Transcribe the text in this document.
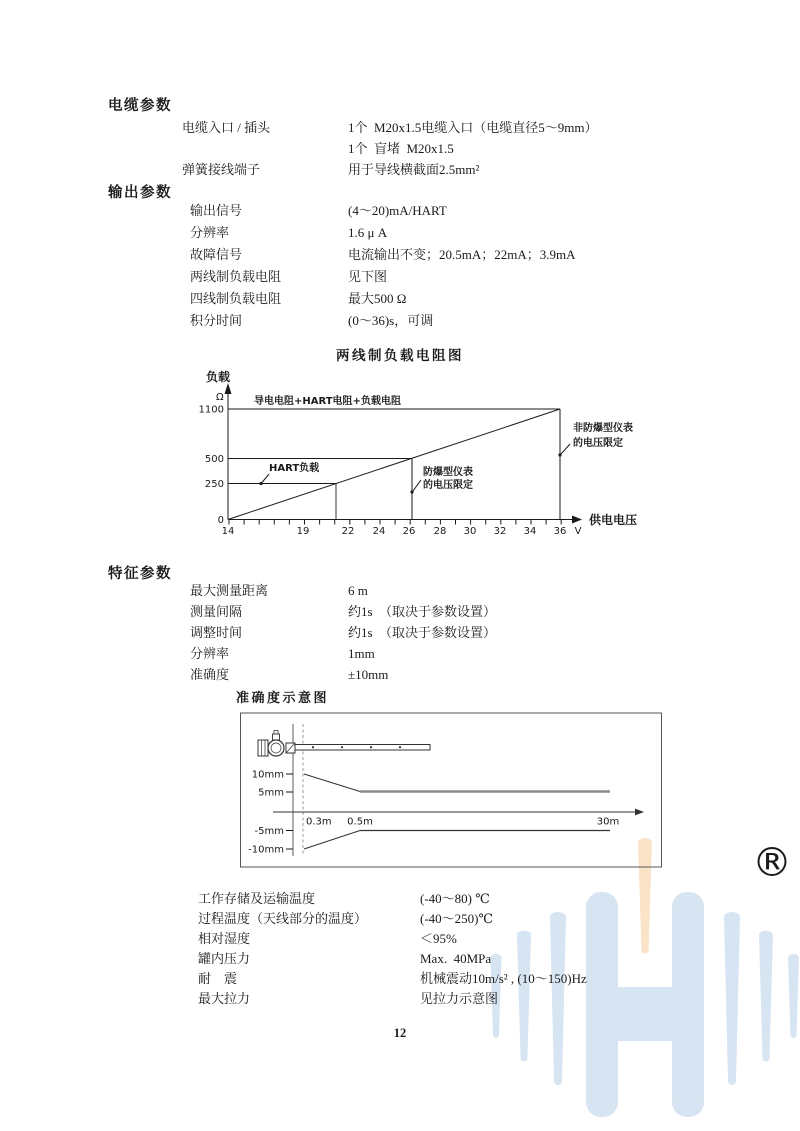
®
电缆参数
电缆入口 / 插头	1个  M20x1.5电缆入口（电缆直径5～9mm）
1个  盲堵  M20x1.5
弹簧接线端子	用于导线横截面2.5mm²
输出参数
输出信号	(4～20)mA/HART
分辨率	1.6 μ A
故障信号	电流输出不变；20.5mA；22mA；3.9mA
两线制负载电阻	见下图
四线制负载电阻	最大500 Ω
积分时间	(0～36)s，可调
两线制负载电阻图
1100
500
250
0
14	19	22 24 26 28 30 32 34 36 V
负载
Ω
供电电压
导电电阻+HART电阻+负载电阻
HART负载	防爆型仪表
的电压限定
非防爆型仪表
的电压限定
特征参数
最大测量距离	6 m
测量间隔	约1s　（取决于参数设置）
调整时间	约1s　（取决于参数设置）
分辨率	1mm
准确度	±10mm
准确度示意图
10mm
5mm
-5mm
-10mm
0.3m 0.5m	30m
工作存储及运输温度	(-40～80) ℃
过程温度（天线部分的温度）	(-40～250)℃
相对湿度	＜95%
罐内压力	Max.  40MPa
耐　震	机械震动10m/s² , (10～150)Hz
最大拉力	见拉力示意图
12
